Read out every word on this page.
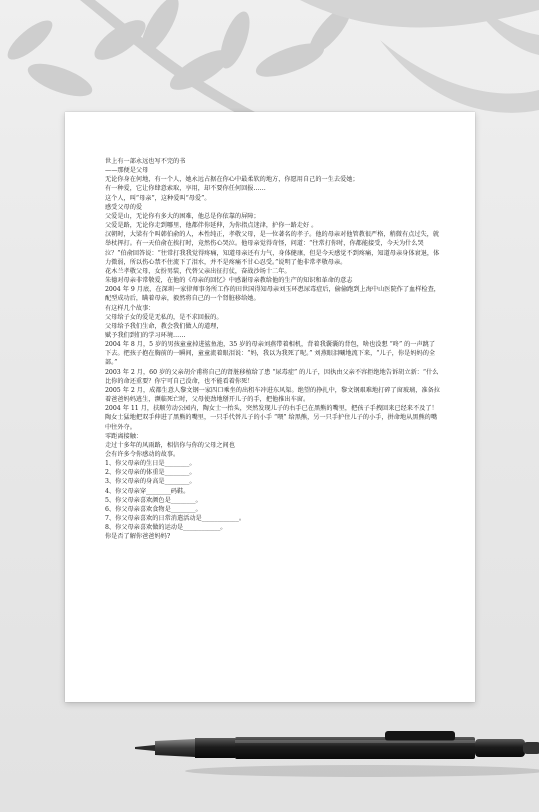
世上有一部永远也写不完的书

——那便是父母

无论你身在何地，有一个人，她永远占据在你心中最柔软的地方，你愿用自己的一生去爱她；

有一种爱，它让你肆意索取，享用，却不要你任何回报……

这个人，叫“母亲”，这种爱叫“母爱”。

感受父母的爱

父爱是山，无论你有多大的困难，他总是你依靠的屏障；

父爱是路，无论你走到哪里，他都伴你延伸，为你指点迷津，护你一路走好 。

汉朝时，大梁有个叫韩伯俞的人，本性纯正，孝敬父母，是一位著名的孝子。他的母亲对他管教很严格，稍微有点过失，就举杖挥打。有一天伯俞在挨打时，竟然伤心哭泣。他母亲觉得奇怪，问道：“往常打你时，你都能接受，今天为什么哭泣？”伯俞回答说：“往常打我我觉得疼痛，知道母亲还有力气，身体健康，但是今天感觉不到疼痛，知道母亲身体衰退，体力微弱，所以伤心禁不住流下了泪水，并不是疼痛不甘心忍受。”说明了他非常孝敬母亲。

花木兰孝敬父母，女扮男装，代替父亲出征打仗，奋战沙场十二年。

朱德对母亲非常敬爱，在他的《母亲的回忆》中感谢母亲教给他的生产的知识和革命的意志

2004 年 9 月底，在深圳一家律师事务所工作的田世国得知母亲刘玉环患尿毒症后，偷偷跑到上海中山医院作了血样检查，配型成功后，瞒着母亲，毅然将自己的一个肾脏移给她。

有这样几个故事：

父母给子女的爱是无私的，是不求回报的。

父母给予我们生命，教会我们做人的道理，

赋予我们到们的学习环境……

2004 年 8 月，5 岁的男孩童童掉进鲨鱼池，35 岁的母亲刘燕带着相机，背着我囊囊的背包，啥也没想 “咚” 的一声跳了下去。把孩子抱在胸前的一瞬间，童童流着眼泪说：“妈，我以为我死了呢。” 刘燕眼泪唰地流下来，“儿子，你是妈妈的全部。”

2003 年 2 月，60 岁的父亲胡介甫将自己的肾脏移植给了患 “尿毒症” 的儿子，因执由父亲不容拒绝地告诉胡立新：“什么比你的命还重要？你宁可自己没命，也不能看着你死！

2005 年 2 月，成都生意人黎文钢一家四口乘坐的出租车冲进东风渠。绝望的挣扎中，黎文钢艰难地打碎了窗玻璃，准备拉着爸爸妈妈逃生，濒临死亡时，父母使劲地掰开儿子的手，把他推出车窗。

2004 年 11 月，扶顺劳动公园内，陶女士一抬头，突然发现儿子的右手已在黑熊的嘴里，把孩子手拽回来已经来不及了！陶女士猛地把双手伸进了黑熊的嘴里，一只手代替儿子的小手 “喂” 给黑熊，另一只手护住儿子的小手，拼命地从黑熊的嘴中往外夺。

零距离接触：

走过十多年的风雨路，相信你与你的父母之间也

会有许多令你感动的故事。

1、你父母亲的生日是________。

2、你父母亲的体重是________。

3、你父母亲的身高是________。

4、你父母亲穿________码鞋。

5、你父母亲喜欢颜色是________。

6、你父母亲喜欢食物是________。

7、你父母亲喜欢的日常消遣活动是____________。

8、你父母亲喜欢做的运动是____________。

你是否了解你爸爸妈妈?
